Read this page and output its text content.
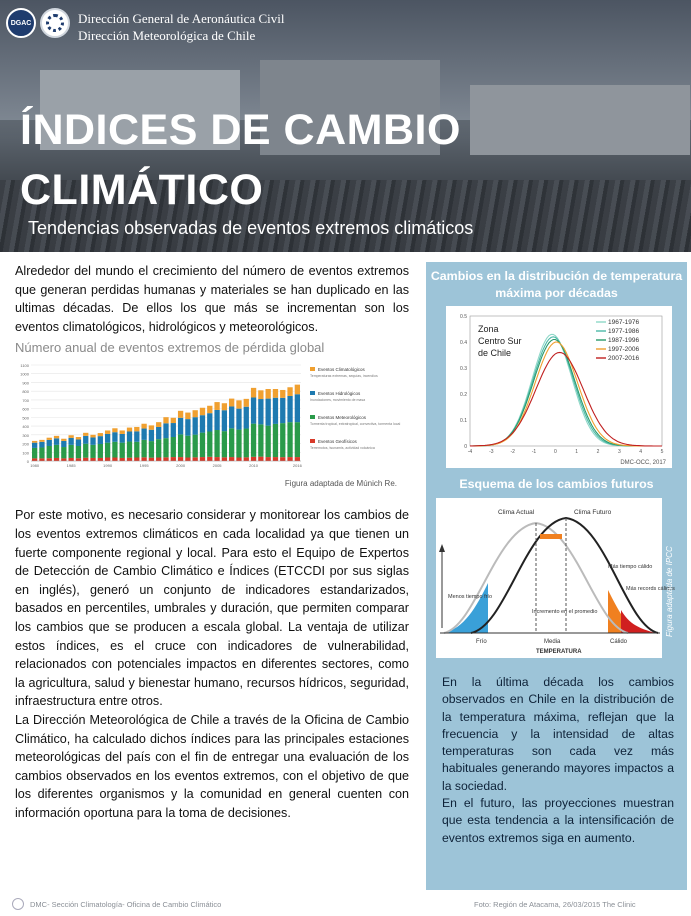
DGAC	Dirección General de Aeronáutica Civil
Dirección Meteorológica de Chile
ÍNDICES DE CAMBIO
CLIMÁTICO
Tendencias observadas de eventos extremos climáticos

Alrededor del mundo el crecimiento del número de eventos extremos que generan perdidas humanas y materiales se han duplicado en las ultimas décadas. De ellos los que más se incrementan son los eventos climatológicos, hidrológicos y meteorológicos.

Número anual de eventos extremos de pérdida global
0
100
200
300
400
500
600
700
800
900
1000
1100
1980	1985	1990	1995	2000	2005	2010	2016
Eventos Climatológicos
Temperaturas extremas, sequías, incendios
Eventos Hidrológicos
Inundaciones, movimiento de masa
Eventos Meteorológicos
Tormenta tropical, extratropical, convectiva, tormenta local
Eventos Geofísicos
Terremotos, tsunamis, actividad volcánica
Figura adaptada de Múnich Re.

Por este motivo, es necesario considerar y monitorear los cambios de los eventos extremos climáticos en cada localidad ya que tienen un fuerte componente regional y local. Para esto el Equipo de Expertos de Detección de Cambio Climático e Índices (ETCCDI por sus siglas en inglés), generó un conjunto de indicadores estandarizados, basados en percentiles, umbrales y duración, que permiten comparar los cambios que se producen a escala global. La ventaja de utilizar estos índices, es el cruce con indicadores de vulnerabilidad, relacionados con potenciales impactos en diferentes sectores, como la agricultura, salud y bienestar humano, recursos hídricos, seguridad, infraestructura entre otros.

La Dirección Meteorológica de Chile a través de la Oficina de Cambio Climático, ha calculado dichos índices para las principales estaciones meteorológicas del país con el fin de entregar una evaluación de los cambios observados en los eventos extremos, con el objetivo de que los diferentes organismos y la comunidad en general cuenten con información oportuna para la toma de decisiones.

Cambios en la distribución de temperatura máxima por décadas
0
0.1
0.2
0.3
0.4
0.5
-4	-3	-2	-1	0	1	2	3	4	5
1967-1976
1977-1986
1987-1996
1997-2006
2007-2016
Zona
Centro Sur
de Chile
DMC-OCC, 2017
Esquema de los cambios futuros
Clima Actual	Clima Futuro
Menos tiempo frío
Más tiempo cálido
Más records cálidos
Incremento en el promedio
Frío	Media	Cálido
TEMPERATURA
Figura adaptada de IPCC

En la última década los cambios observados en Chile en la distribución de la temperatura máxima, reflejan que la frecuencia y la intensidad de altas temperaturas son cada vez más habituales generando mayores impactos a la sociedad.

En el futuro, las proyecciones muestran que esta tendencia a la intensificación de eventos extremos siga en aumento.

DMC- Sección Climatología- Oficina de Cambio Climático	Foto: Región de Atacama, 26/03/2015 The Clinic
